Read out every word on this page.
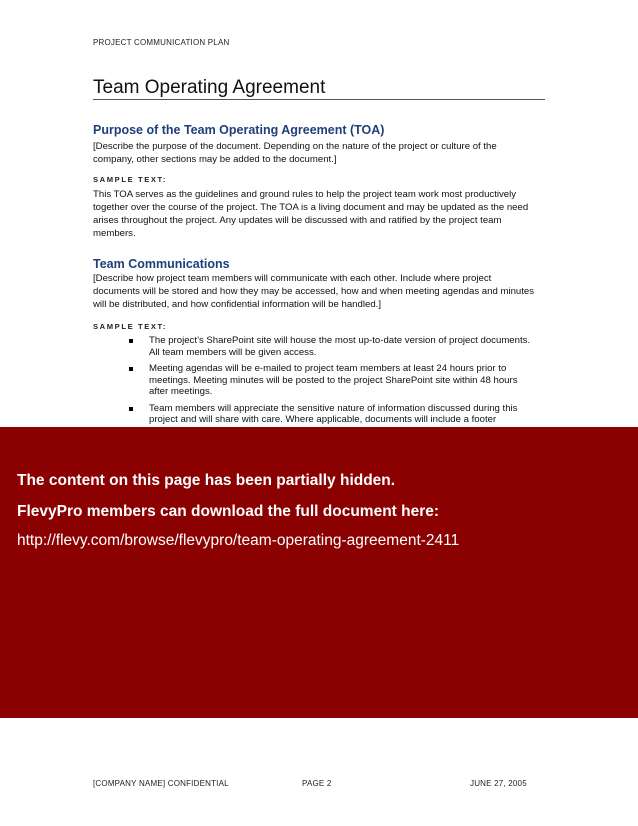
PROJECT COMMUNICATION PLAN
Team Operating Agreement
Purpose of the Team Operating Agreement (TOA)

[Describe the purpose of the document. Depending on the nature of the project or culture of the company, other sections may be added to the document.]

SAMPLE TEXT:

This TOA serves as the guidelines and ground rules to help the project team work most productively together over the course of the project. The TOA is a living document and may be updated as the need arises throughout the project. Any updates will be discussed with and ratified by the project team members.

Team Communications

[Describe how project team members will communicate with each other. Include where project documents will be stored and how they may be accessed, how and when meeting agendas and minutes will be distributed, and how confidential information will be handled.]

SAMPLE TEXT:
The project’s SharePoint site will house the most up-to-date version of project documents. All team members will be given access.
Meeting agendas will be e-mailed to project team members at least 24 hours prior to meetings. Meeting minutes will be posted to the project SharePoint site within 48 hours after meetings.
Team members will appreciate the sensitive nature of information discussed during this project and will share with care. Where applicable, documents will include a footer
The content on this page has been partially hidden.
FlevyPro members can download the full document here:
http://flevy.com/browse/flevypro/team-operating-agreement-2411
[COMPANY NAME] CONFIDENTIAL	PAGE 2	JUNE 27, 2005
